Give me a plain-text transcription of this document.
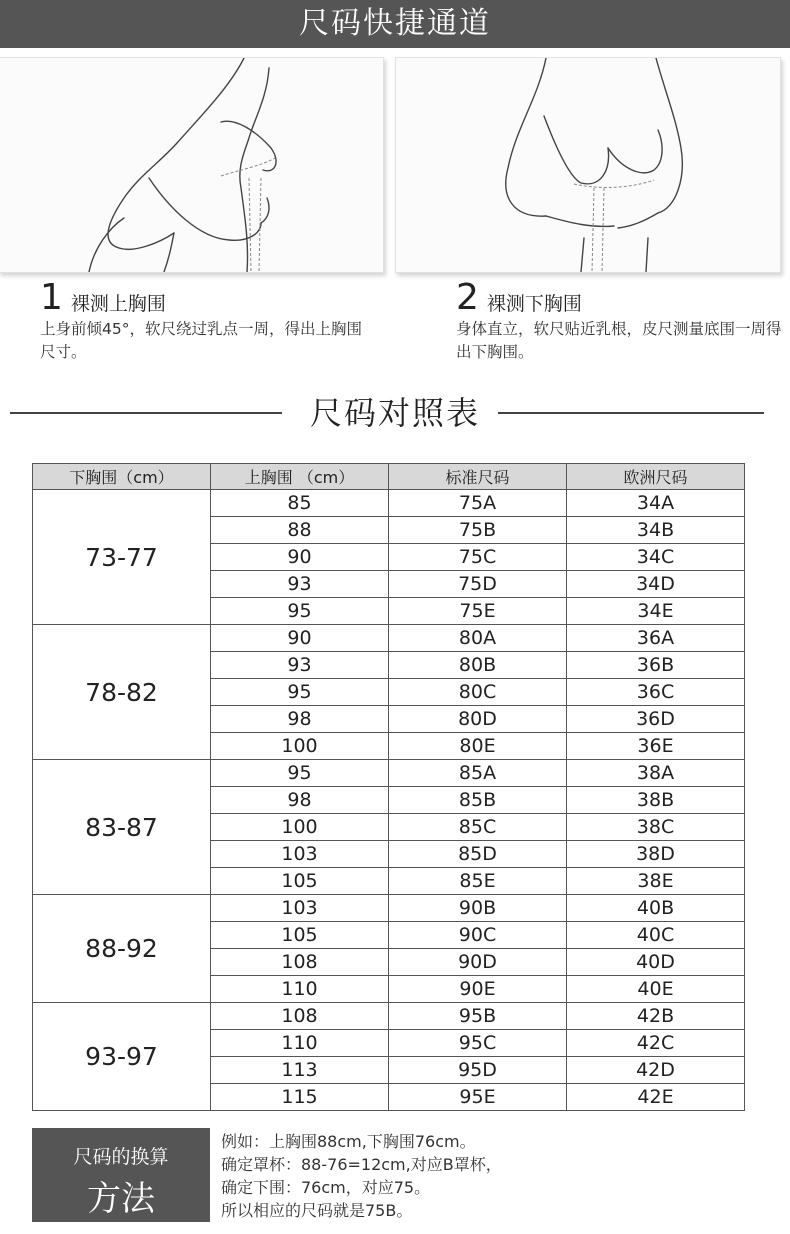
尺码快捷通道
1 裸测上胸围
上身前倾45°，软尺绕过乳点一周，得出上胸围尺寸。
2 裸测下胸围
身体直立，软尺贴近乳根，皮尺测量底围一周得出下胸围。
尺码对照表
下胸围（cm）	上胸围 （cm）	标准尺码	欧洲尺码
73-77	85	75A	34A
	88	75B	34B
	90	75C	34C
	93	75D	34D
	95	75E	34E
78-82	90	80A	36A
	93	80B	36B
	95	80C	36C
	98	80D	36D
	100	80E	36E
83-87	95	85A	38A
	98	85B	38B
	100	85C	38C
	103	85D	38D
	105	85E	38E
88-92	103	90B	40B
	105	90C	40C
	108	90D	40D
	110	90E	40E
93-97	108	95B	42B
	110	95C	42C
	113	95D	42D
	115	95E	42E
尺码的换算
方法
例如：上胸围88cm,下胸围76cm。
确定罩杯：88-76=12cm,对应B罩杯，
确定下围：76cm，对应75。
所以相应的尺码就是75B。
